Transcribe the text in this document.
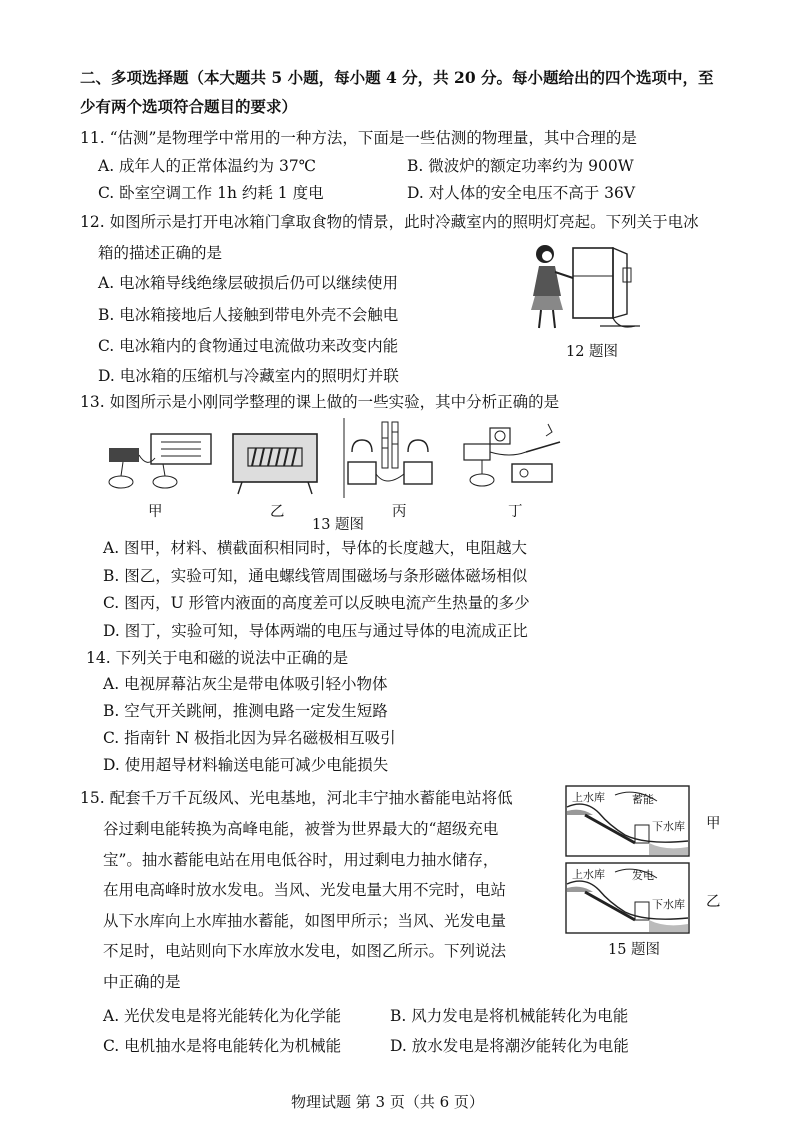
二、多项选择题（本大题共 5 小题，每小题 4 分，共 20 分。每小题给出的四个选项中，至
少有两个选项符合题目的要求）
11. “估测”是物理学中常用的一种方法，下面是一些估测的物理量，其中合理的是
A. 成年人的正常体温约为 37℃	B. 微波炉的额定功率约为 900W
C. 卧室空调工作 1h 约耗 1 度电	D. 对人体的安全电压不高于 36V
12. 如图所示是打开电冰箱门拿取食物的情景，此时冷藏室内的照明灯亮起。下列关于电冰
箱的描述正确的是
A. 电冰箱导线绝缘层破损后仍可以继续使用
B. 电冰箱接地后人接触到带电外壳不会触电
C. 电冰箱内的食物通过电流做功来改变内能
D. 电冰箱的压缩机与冷藏室内的照明灯并联
12 题图
13. 如图所示是小刚同学整理的课上做的一些实验，其中分析正确的是
甲	乙	丙	丁
13 题图
A. 图甲，材料、横截面积相同时，导体的长度越大，电阻越大
B. 图乙，实验可知，通电螺线管周围磁场与条形磁体磁场相似
C. 图丙，U 形管内液面的高度差可以反映电流产生热量的多少
D. 图丁，实验可知，导体两端的电压与通过导体的电流成正比
14. 下列关于电和磁的说法中正确的是
A. 电视屏幕沾灰尘是带电体吸引轻小物体
B. 空气开关跳闸，推测电路一定发生短路
C. 指南针 N 极指北因为异名磁极相互吸引
D. 使用超导材料输送电能可减少电能损失
15. 配套千万千瓦级风、光电基地，河北丰宁抽水蓄能电站将低
谷过剩电能转换为高峰电能，被誉为世界最大的“超级充电
宝”。抽水蓄能电站在用电低谷时，用过剩电力抽水储存，
在用电高峰时放水发电。当风、光发电量大用不完时，电站
从下水库向上水库抽水蓄能，如图甲所示；当风、光发电量
不足时，电站则向下水库放水发电，如图乙所示。下列说法
中正确的是
上水库 蓄能
下水库 甲
上水库 发电
下水库 乙
15 题图
A. 光伏发电是将光能转化为化学能	B. 风力发电是将机械能转化为电能
C. 电机抽水是将电能转化为机械能	D. 放水发电是将潮汐能转化为电能
物理试题 第 3 页（共 6 页）
